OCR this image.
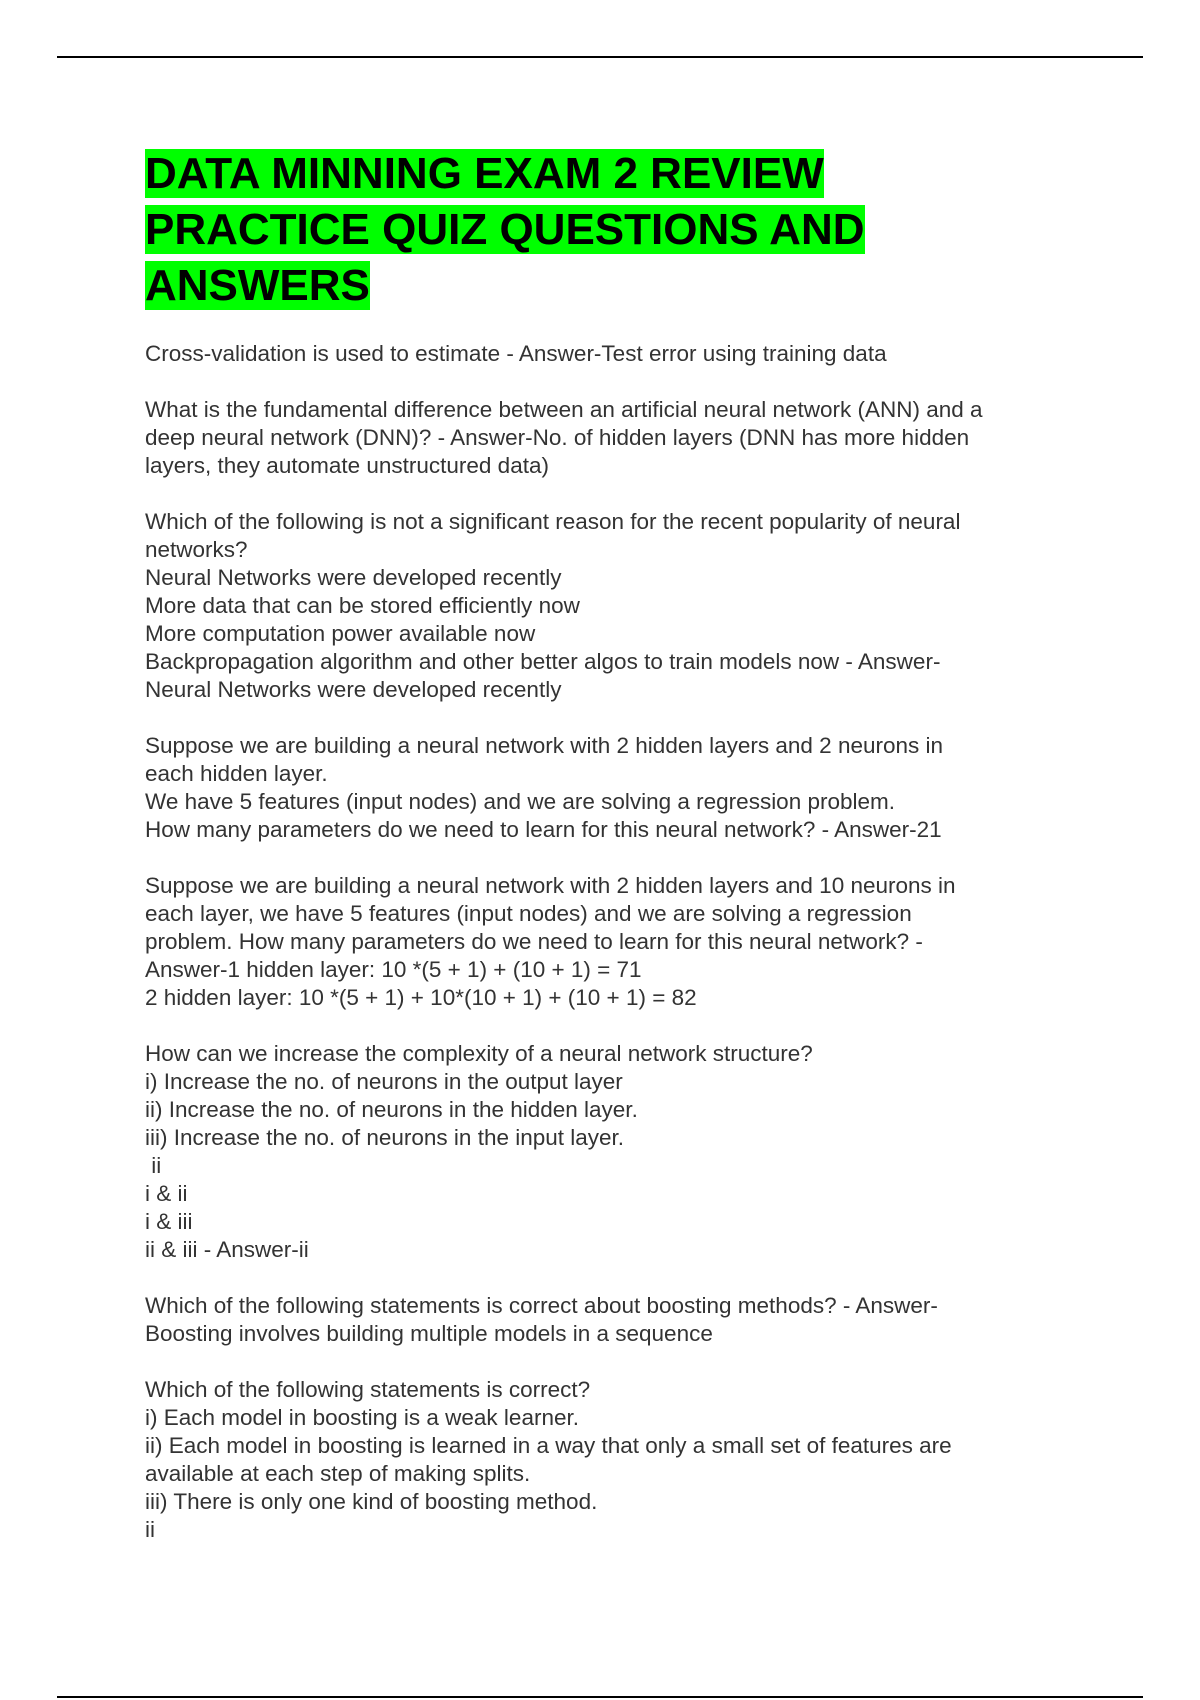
DATA MINNING EXAM 2 REVIEW
PRACTICE QUIZ QUESTIONS AND
ANSWERS
Cross-validation is used to estimate - Answer-Test error using training data
What is the fundamental difference between an artificial neural network (ANN) and a
deep neural network (DNN)? - Answer-No. of hidden layers (DNN has more hidden
layers, they automate unstructured data)
Which of the following is not a significant reason for the recent popularity of neural
networks?
Neural Networks were developed recently
More data that can be stored efficiently now
More computation power available now
Backpropagation algorithm and other better algos to train models now - Answer-
Neural Networks were developed recently
Suppose we are building a neural network with 2 hidden layers and 2 neurons in
each hidden layer.
We have 5 features (input nodes) and we are solving a regression problem.
How many parameters do we need to learn for this neural network? - Answer-21
Suppose we are building a neural network with 2 hidden layers and 10 neurons in
each layer, we have 5 features (input nodes) and we are solving a regression
problem. How many parameters do we need to learn for this neural network? -
Answer-1 hidden layer: 10 *(5 + 1) + (10 + 1) = 71
2 hidden layer: 10 *(5 + 1) + 10*(10 + 1) + (10 + 1) = 82
How can we increase the complexity of a neural network structure?
i) Increase the no. of neurons in the output layer
ii) Increase the no. of neurons in the hidden layer.
iii) Increase the no. of neurons in the input layer.
ii
i & ii
i & iii
ii & iii - Answer-ii
Which of the following statements is correct about boosting methods? - Answer-
Boosting involves building multiple models in a sequence
Which of the following statements is correct?
i) Each model in boosting is a weak learner.
ii) Each model in boosting is learned in a way that only a small set of features are
available at each step of making splits.
iii) There is only one kind of boosting method.
ii
